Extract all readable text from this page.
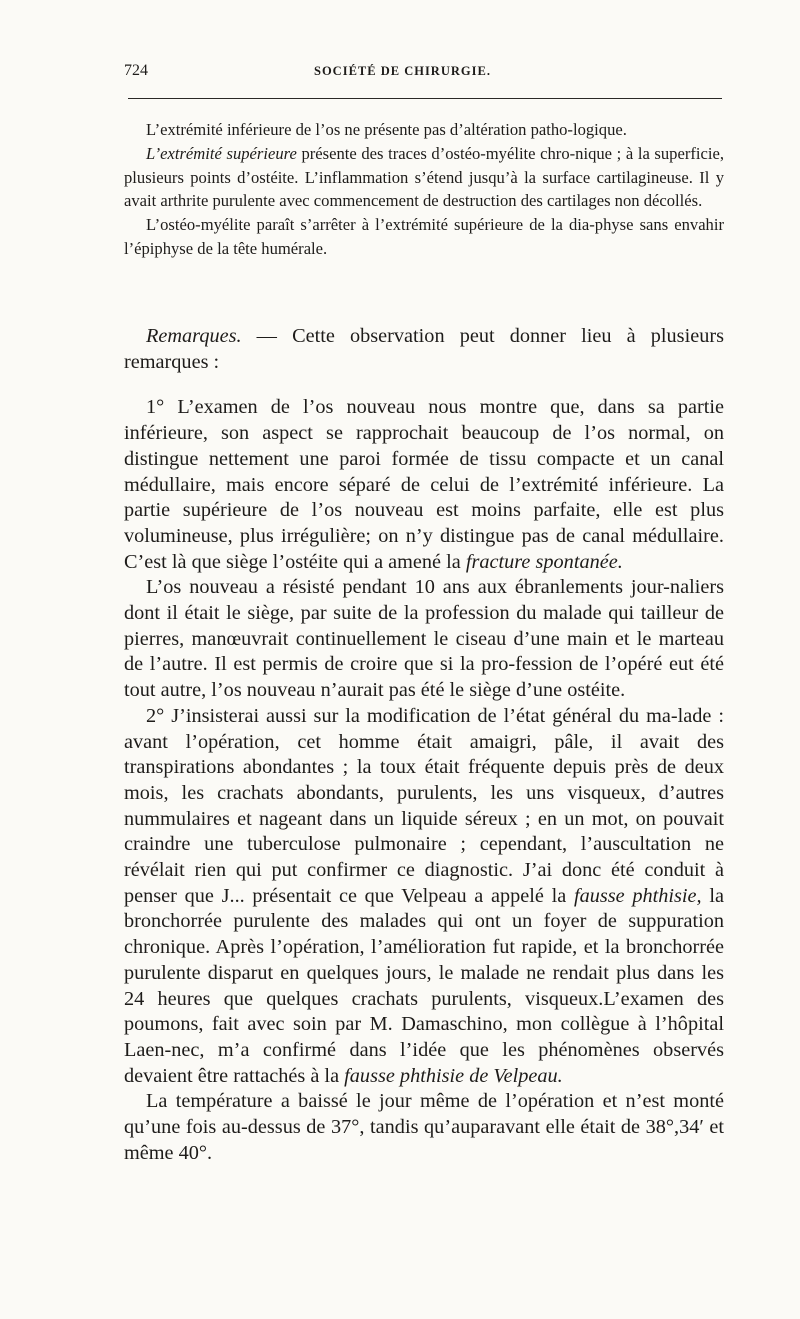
724	SOCIÉTÉ DE CHIRURGIE.

L’extrémité inférieure de l’os ne présente pas d’altération patho-logique.

L’extrémité supérieure présente des traces d’ostéo-myélite chro-nique ; à la superficie, plusieurs points d’ostéite. L’inflammation s’étend jusqu’à la surface cartilagineuse. Il y avait arthrite purulente avec commencement de destruction des cartilages non décollés.

L’ostéo-myélite paraît s’arrêter à l’extrémité supérieure de la dia-physe sans envahir l’épiphyse de la tête humérale.

Remarques. — Cette observation peut donner lieu à plusieurs remarques :

1° L’examen de l’os nouveau nous montre que, dans sa partie inférieure, son aspect se rapprochait beaucoup de l’os normal, on distingue nettement une paroi formée de tissu compacte et un canal médullaire, mais encore séparé de celui de l’extrémité inférieure. La partie supérieure de l’os nouveau est moins parfaite, elle est plus volumineuse, plus irrégulière; on n’y distingue pas de canal médullaire. C’est là que siège l’ostéite qui a amené la fracture spontanée.

L’os nouveau a résisté pendant 10 ans aux ébranlements jour-naliers dont il était le siège, par suite de la profession du malade qui tailleur de pierres, manœuvrait continuellement le ciseau d’une main et le marteau de l’autre. Il est permis de croire que si la pro-fession de l’opéré eut été tout autre, l’os nouveau n’aurait pas été le siège d’une ostéite.

2° J’insisterai aussi sur la modification de l’état général du ma-lade : avant l’opération, cet homme était amaigri, pâle, il avait des transpirations abondantes ; la toux était fréquente depuis près de deux mois, les crachats abondants, purulents, les uns visqueux, d’autres nummulaires et nageant dans un liquide séreux ; en un mot, on pouvait craindre une tuberculose pulmonaire ; cependant, l’auscultation ne révélait rien qui put confirmer ce diagnostic. J’ai donc été conduit à penser que J... présentait ce que Velpeau a appelé la fausse phthisie, la bronchorrée purulente des malades qui ont un foyer de suppuration chronique. Après l’opération, l’amélioration fut rapide, et la bronchorrée purulente disparut en quelques jours, le malade ne rendait plus dans les 24 heures que quelques crachats purulents, visqueux.L’examen des poumons, fait avec soin par M. Damaschino, mon collègue à l’hôpital Laen-nec, m’a confirmé dans l’idée que les phénomènes observés devaient être rattachés à la fausse phthisie de Velpeau.

La température a baissé le jour même de l’opération et n’est monté qu’une fois au-dessus de 37°, tandis qu’auparavant elle était de 38°,34′ et même 40°.
